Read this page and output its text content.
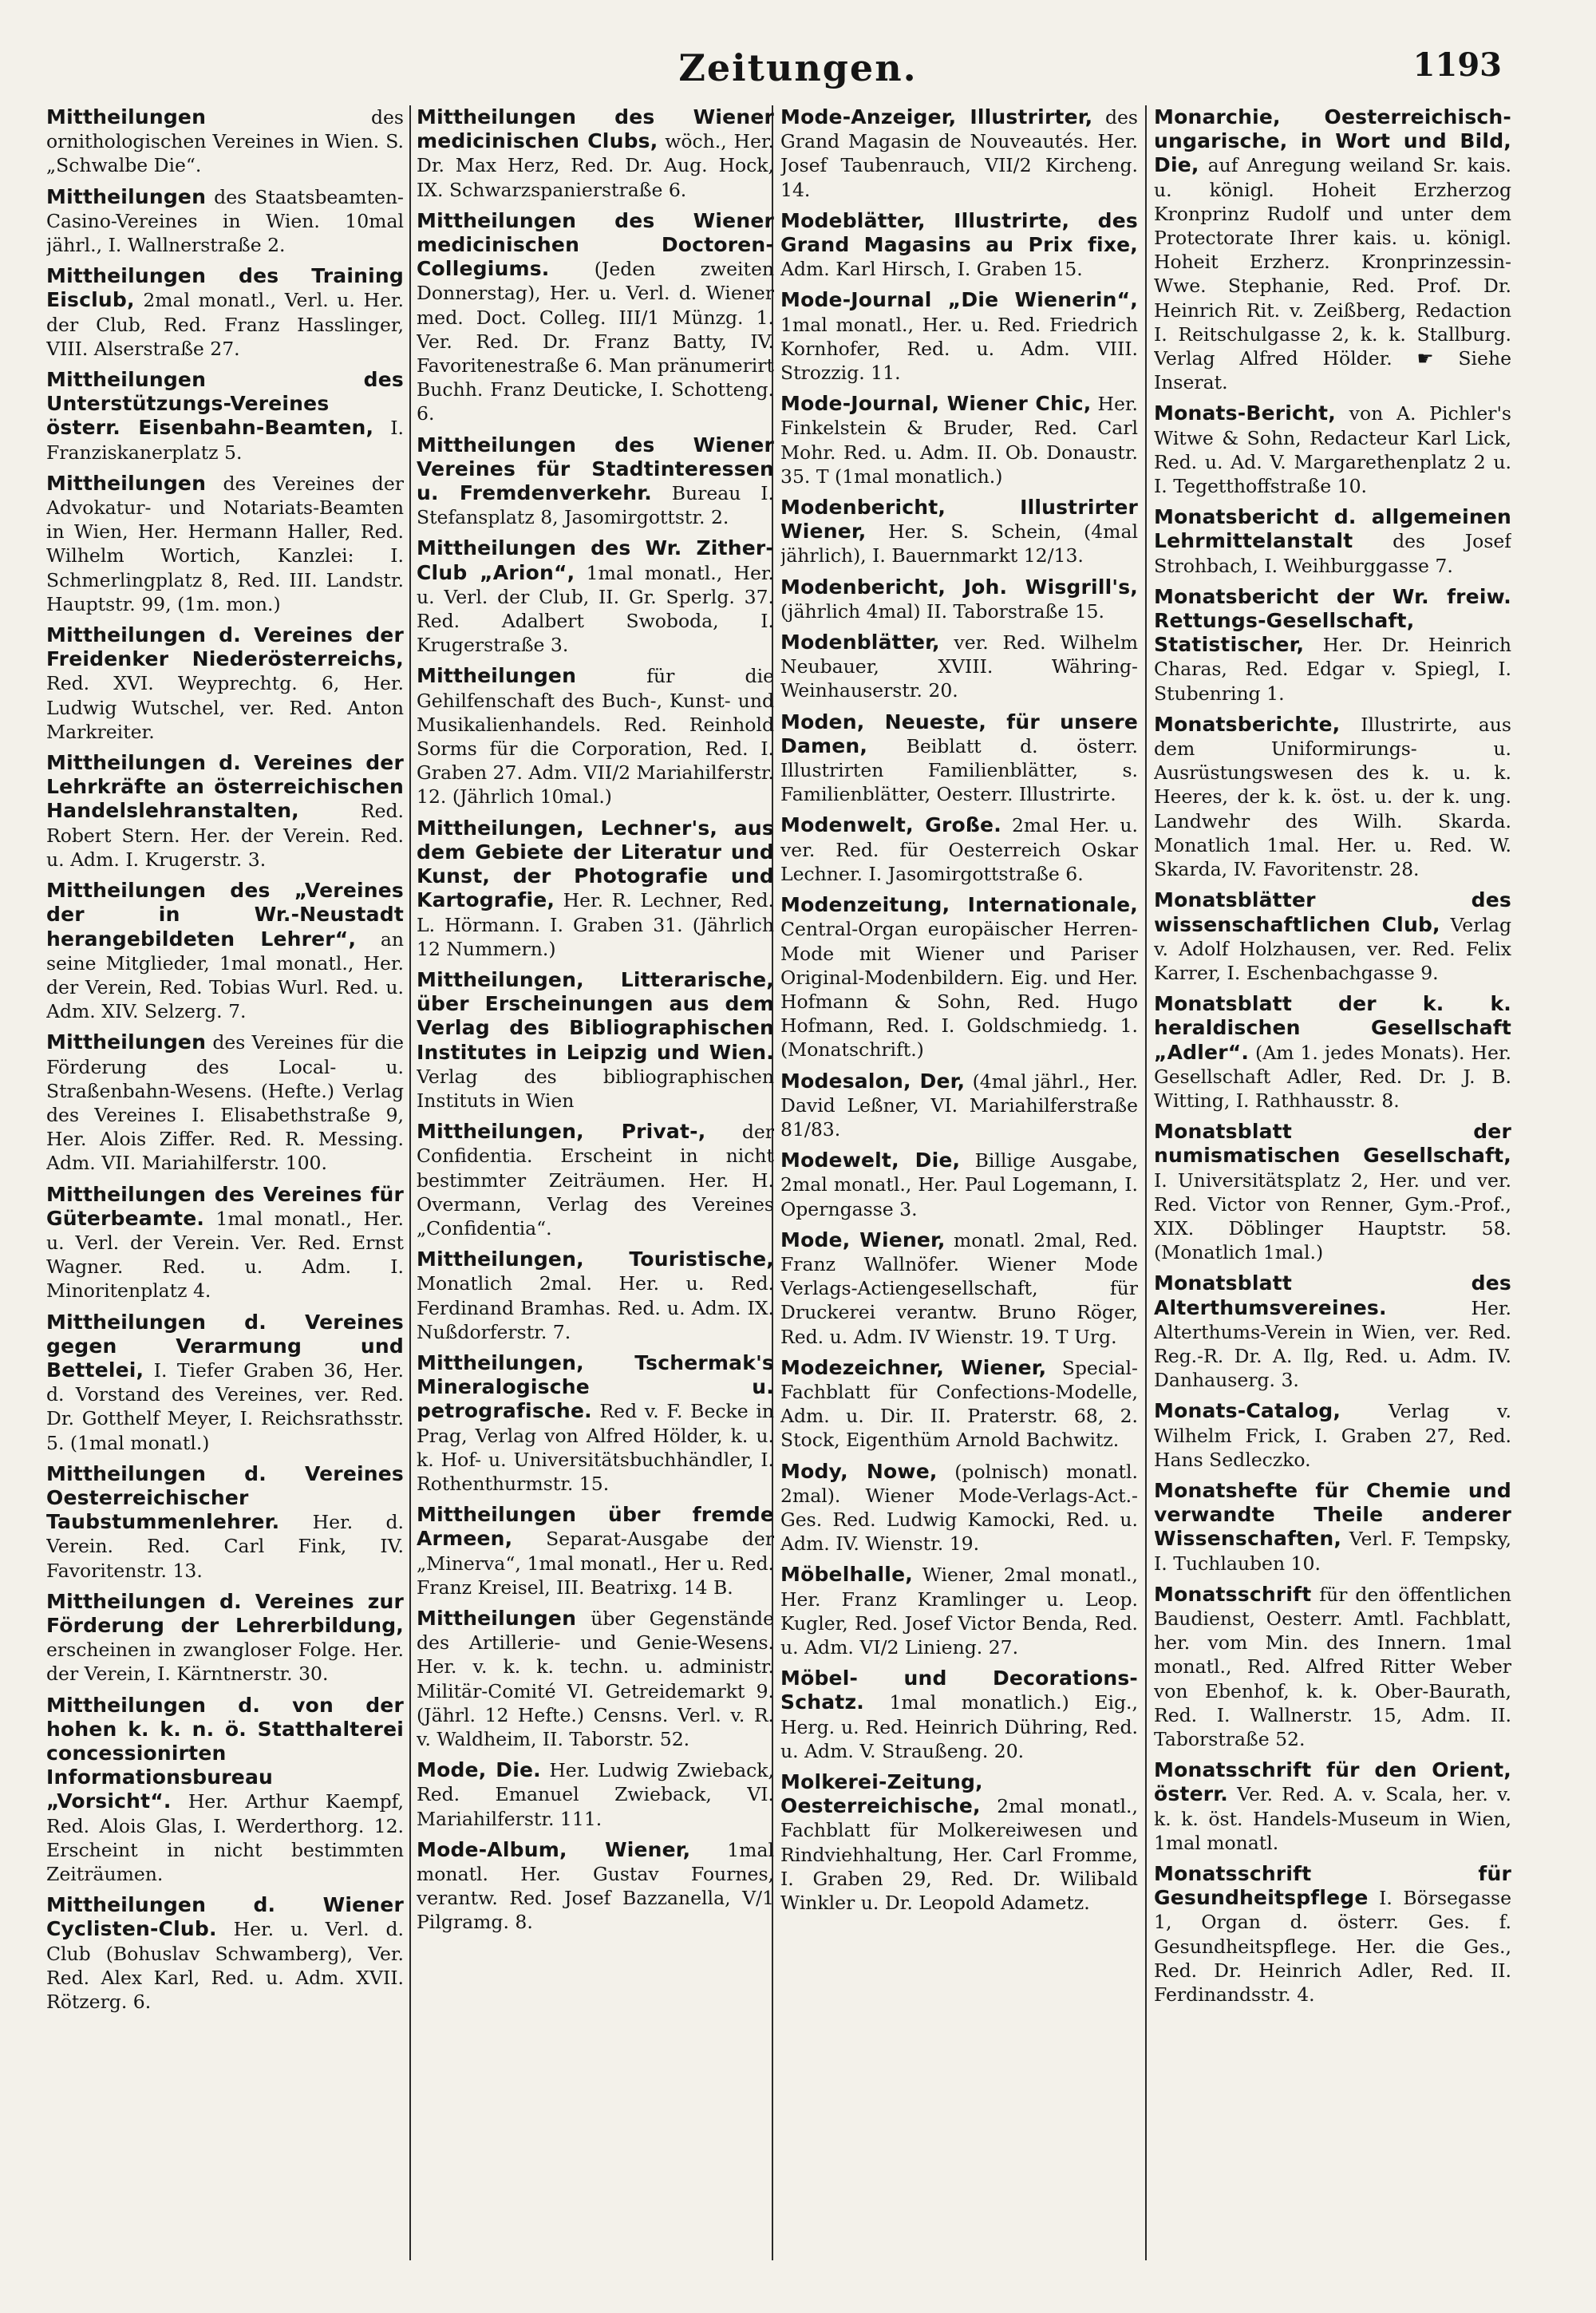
Zeitungen.	1193

Mittheilungen	des ornithologischen Vereines in Wien. S. „Schwalbe Die“.

Mittheilungen des Staatsbeamten-Casino-Vereines in Wien. 10mal jährl., I. Wallnerstraße 2.

Mittheilungen des Training Eisclub, 2mal monatl., Verl. u. Her. der Club, Red. Franz Hasslinger, VIII. Alserstraße 27.

Mittheilungen des Unterstützungs-Vereines österr. Eisenbahn-Beamten, I. Franziskanerplatz 5.

Mittheilungen des Vereines der Advokatur- und Notariats-Beamten in Wien, Her. Hermann Haller, Red. Wilhelm Wortich, Kanzlei: I. Schmerlingplatz 8, Red. III. Landstr. Hauptstr. 99, (1m. mon.)

Mittheilungen d. Vereines der Freidenker Niederösterreichs, Red. XVI. Weyprechtg. 6, Her. Ludwig Wutschel, ver. Red. Anton Markreiter.

Mittheilungen d. Vereines der Lehrkräfte an österreichischen Handelslehranstalten,	Red. Robert Stern. Her. der Verein. Red. u. Adm. I. Krugerstr. 3.

Mittheilungen des „Vereines der in Wr.-Neustadt herangebildeten Lehrer“, an seine Mitglieder, 1mal monatl., Her. der Verein, Red. Tobias Wurl. Red. u. Adm. XIV. Selzerg. 7.

Mittheilungen des Vereines für die Förderung des Local- u. Straßenbahn-Wesens. (Hefte.) Verlag des Vereines I. Elisabethstraße 9, Her. Alois Ziffer. Red. R. Messing. Adm. VII. Mariahilferstr. 100.

Mittheilungen des Vereines für Güterbeamte. 1mal monatl., Her. u. Verl. der Verein. Ver. Red. Ernst Wagner. Red. u. Adm. I. Minoritenplatz 4.

Mittheilungen d. Vereines gegen Verarmung und Bettelei, I. Tiefer Graben 36, Her. d. Vorstand des Vereines, ver. Red. Dr. Gotthelf Meyer, I. Reichsrathsstr. 5. (1mal monatl.)

Mittheilungen d. Vereines Oesterreichischer Taubstummenlehrer. Her. d. Verein. Red. Carl Fink, IV. Favoritenstr. 13.

Mittheilungen d. Vereines zur Förderung der Lehrerbildung, erscheinen in zwangloser Folge. Her. der Verein, I. Kärntnerstr. 30.

Mittheilungen d. von der hohen k. k. n. ö. Statthalterei concessionirten Informationsbureau „Vorsicht“. Her. Arthur Kaempf, Red. Alois Glas, I. Werderthorg. 12. Erscheint in nicht bestimmten Zeiträumen.

Mittheilungen d. Wiener Cyclisten-Club. Her. u. Verl. d. Club (Bohuslav Schwamberg), Ver. Red. Alex Karl, Red. u. Adm. XVII. Rötzerg. 6.

Mittheilungen des Wiener medicinischen Clubs, wöch., Her. Dr. Max Herz, Red. Dr. Aug. Hock, IX. Schwarzspanierstraße 6.

Mittheilungen des Wiener medicinischen Doctoren-Collegiums. (Jeden zweiten Donnerstag), Her. u. Verl. d. Wiener med. Doct. Colleg. III/1 Münzg. 1. Ver. Red. Dr. Franz Batty, IV. Favoritenestraße 6. Man pränumerirt Buchh. Franz Deuticke, I. Schotteng. 6.

Mittheilungen des Wiener Vereines für Stadtinteressen u. Fremdenverkehr. Bureau I. Stefansplatz 8, Jasomirgottstr. 2.

Mittheilungen des Wr. Zither-Club „Arion“, 1mal monatl., Her. u. Verl. der Club, II. Gr. Sperlg. 37. Red. Adalbert Swoboda, I. Krugerstraße 3.

Mittheilungen	für die Gehilfenschaft des Buch-, Kunst- und Musikalienhandels. Red. Reinhold Sorms für die Corporation, Red. I. Graben 27. Adm. VII/2 Mariahilferstr. 12. (Jährlich 10mal.)

Mittheilungen, Lechner's, aus dem Gebiete der Literatur und Kunst, der Photografie und Kartografie, Her. R. Lechner, Red. L. Hörmann. I. Graben 31. (Jährlich 12 Nummern.)

Mittheilungen, Litterarische, über Erscheinungen aus dem Verlag des Bibliographischen Institutes in Leipzig und Wien. Verlag des bibliographischen Instituts in Wien

Mittheilungen, Privat-, der Confidentia. Erscheint in nicht bestimmter Zeiträumen. Her. H. Overmann, Verlag des Vereines „Confidentia“.

Mittheilungen, Touristische, Monatlich 2mal. Her. u. Red. Ferdinand Bramhas. Red. u. Adm. IX. Nußdorferstr. 7.

Mittheilungen, Tschermak's Mineralogische u. petrografische. Red v. F. Becke in Prag, Verlag von Alfred Hölder, k. u. k. Hof- u. Universitätsbuchhändler, I. Rothenthurmstr. 15.

Mittheilungen über fremde Armeen, Separat-Ausgabe der „Minerva“, 1mal monatl., Her u. Red. Franz Kreisel, III. Beatrixg. 14 B.

Mittheilungen über Gegenstände des Artillerie- und Genie-Wesens. Her. v. k. k. techn. u. administr. Militär-Comité VI. Getreidemarkt 9. (Jährl. 12 Hefte.) Censns. Verl. v. R. v. Waldheim, II. Taborstr. 52.

Mode, Die. Her. Ludwig Zwieback, Red. Emanuel Zwieback, VI. Mariahilferstr. 111.

Mode-Album, Wiener, 1mal monatl. Her. Gustav Fournes, verantw. Red. Josef Bazzanella, V/1 Pilgramg. 8.

Mode-Anzeiger, Illustrirter, des Grand Magasin de Nouveautés. Her. Josef Taubenrauch, VII/2 Kircheng. 14.

Modeblätter, Illustrirte, des Grand Magasins au Prix fixe, Adm. Karl Hirsch, I. Graben 15.

Mode-Journal „Die Wienerin“, 1mal monatl., Her. u. Red. Friedrich Kornhofer, Red. u. Adm. VIII. Strozzig. 11.

Mode-Journal, Wiener Chic, Her. Finkelstein & Bruder, Red. Carl Mohr. Red. u. Adm. II. Ob. Donaustr. 35. T (1mal monatlich.)

Modenbericht, Illustrirter Wiener, Her. S. Schein, (4mal jährlich), I. Bauernmarkt 12/13.

Modenbericht, Joh. Wisgrill's, (jährlich 4mal) II. Taborstraße 15.

Modenblätter, ver. Red. Wilhelm Neubauer, XVIII. Währing-Weinhauserstr. 20.

Moden, Neueste, für unsere Damen, Beiblatt d. österr. Illustrirten Familienblätter, s. Familienblätter, Oesterr. Illustrirte.

Modenwelt, Große. 2mal Her. u. ver. Red. für Oesterreich Oskar Lechner. I. Jasomirgottstraße 6.

Modenzeitung, Internationale, Central-Organ europäischer Herren-Mode mit Wiener und Pariser Original-Modenbildern. Eig. und Her. Hofmann & Sohn, Red. Hugo Hofmann, Red. I. Goldschmiedg. 1. (Monatschrift.)

Modesalon, Der, (4mal jährl., Her. David Leßner, VI. Mariahilferstraße 81/83.

Modewelt, Die, Billige Ausgabe, 2mal monatl., Her. Paul Logemann, I. Operngasse 3.

Mode, Wiener, monatl. 2mal, Red. Franz Wallnöfer. Wiener Mode Verlags-Actiengesellschaft, für Druckerei verantw. Bruno Röger, Red. u. Adm. IV Wienstr. 19. T Urg.

Modezeichner, Wiener, Special-Fachblatt für Confections-Modelle, Adm. u. Dir. II. Praterstr. 68, 2. Stock, Eigenthüm Arnold Bachwitz.

Mody, Nowe, (polnisch) monatl. 2mal). Wiener Mode-Verlags-Act.-Ges. Red. Ludwig Kamocki, Red. u. Adm. IV. Wienstr. 19.

Möbelhalle, Wiener, 2mal monatl., Her. Franz Kramlinger u. Leop. Kugler, Red. Josef Victor Benda, Red. u. Adm. VI/2 Linieng. 27.

Möbel- und Decorations-Schatz. 1mal monatlich.) Eig., Herg. u. Red. Heinrich Dühring, Red. u. Adm. V. Straußeng. 20.

Molkerei-Zeitung, Oesterreichische, 2mal monatl., Fachblatt für Molkereiwesen und Rindviehhaltung, Her. Carl Fromme, I. Graben 29, Red. Dr. Wilibald Winkler u. Dr. Leopold Adametz.

Monarchie, Oesterreichisch-ungarische, in Wort und Bild, Die, auf Anregung weiland Sr. kais. u. königl. Hoheit Erzherzog Kronprinz Rudolf und unter dem Protectorate Ihrer kais. u. königl. Hoheit Erzherz. Kronprinzessin-Wwe. Stephanie, Red. Prof. Dr. Heinrich Rit. v. Zeißberg, Redaction I. Reitschulgasse 2, k. k. Stallburg. Verlag Alfred Hölder. ☛ Siehe Inserat.

Monats-Bericht, von A. Pichler's Witwe & Sohn, Redacteur Karl Lick, Red. u. Ad. V. Margarethenplatz 2 u. I. Tegetthoffstraße 10.

Monatsbericht d. allgemeinen Lehrmittelanstalt des Josef Strohbach, I. Weihburggasse 7.

Monatsbericht der Wr. freiw. Rettungs-Gesellschaft, Statistischer, Her. Dr. Heinrich Charas, Red. Edgar v. Spiegl, I. Stubenring 1.

Monatsberichte, Illustrirte, aus dem Uniformirungs- u. Ausrüstungswesen des k. u. k. Heeres, der k. k. öst. u. der k. ung. Landwehr des Wilh. Skarda. Monatlich 1mal. Her. u. Red. W. Skarda, IV. Favoritenstr. 28.

Monatsblätter des wissenschaftlichen Club, Verlag v. Adolf Holzhausen, ver. Red. Felix Karrer, I. Eschenbachgasse 9.

Monatsblatt der k. k. heraldischen Gesellschaft „Adler“. (Am 1. jedes Monats). Her. Gesellschaft Adler, Red. Dr. J. B. Witting, I. Rathhausstr. 8.

Monatsblatt der numismatischen Gesellschaft, I. Universitätsplatz 2, Her. und ver. Red. Victor von Renner, Gym.-Prof., XIX. Döblinger Hauptstr. 58. (Monatlich 1mal.)

Monatsblatt des Alterthumsvereines.	Her. Alterthums-Verein in Wien, ver. Red. Reg.-R. Dr. A. Ilg, Red. u. Adm. IV. Danhauserg. 3.

Monats-Catalog,	Verlag v. Wilhelm Frick, I. Graben 27, Red. Hans Sedleczko.

Monatshefte für Chemie und verwandte Theile anderer Wissenschaften, Verl. F. Tempsky, I. Tuchlauben 10.

Monatsschrift für den öffentlichen Baudienst, Oesterr. Amtl. Fachblatt, her. vom Min. des Innern. 1mal monatl., Red. Alfred Ritter Weber von Ebenhof, k. k. Ober-Baurath, Red. I. Wallnerstr. 15, Adm. II. Taborstraße 52.

Monatsschrift für den Orient, österr. Ver. Red. A. v. Scala, her. v. k. k. öst. Handels-Museum in Wien, 1mal monatl.

Monatsschrift für Gesundheitspflege I. Börsegasse 1, Organ d. österr. Ges. f. Gesundheitspflege. Her. die Ges., Red. Dr. Heinrich Adler, Red. II. Ferdinandsstr. 4.
